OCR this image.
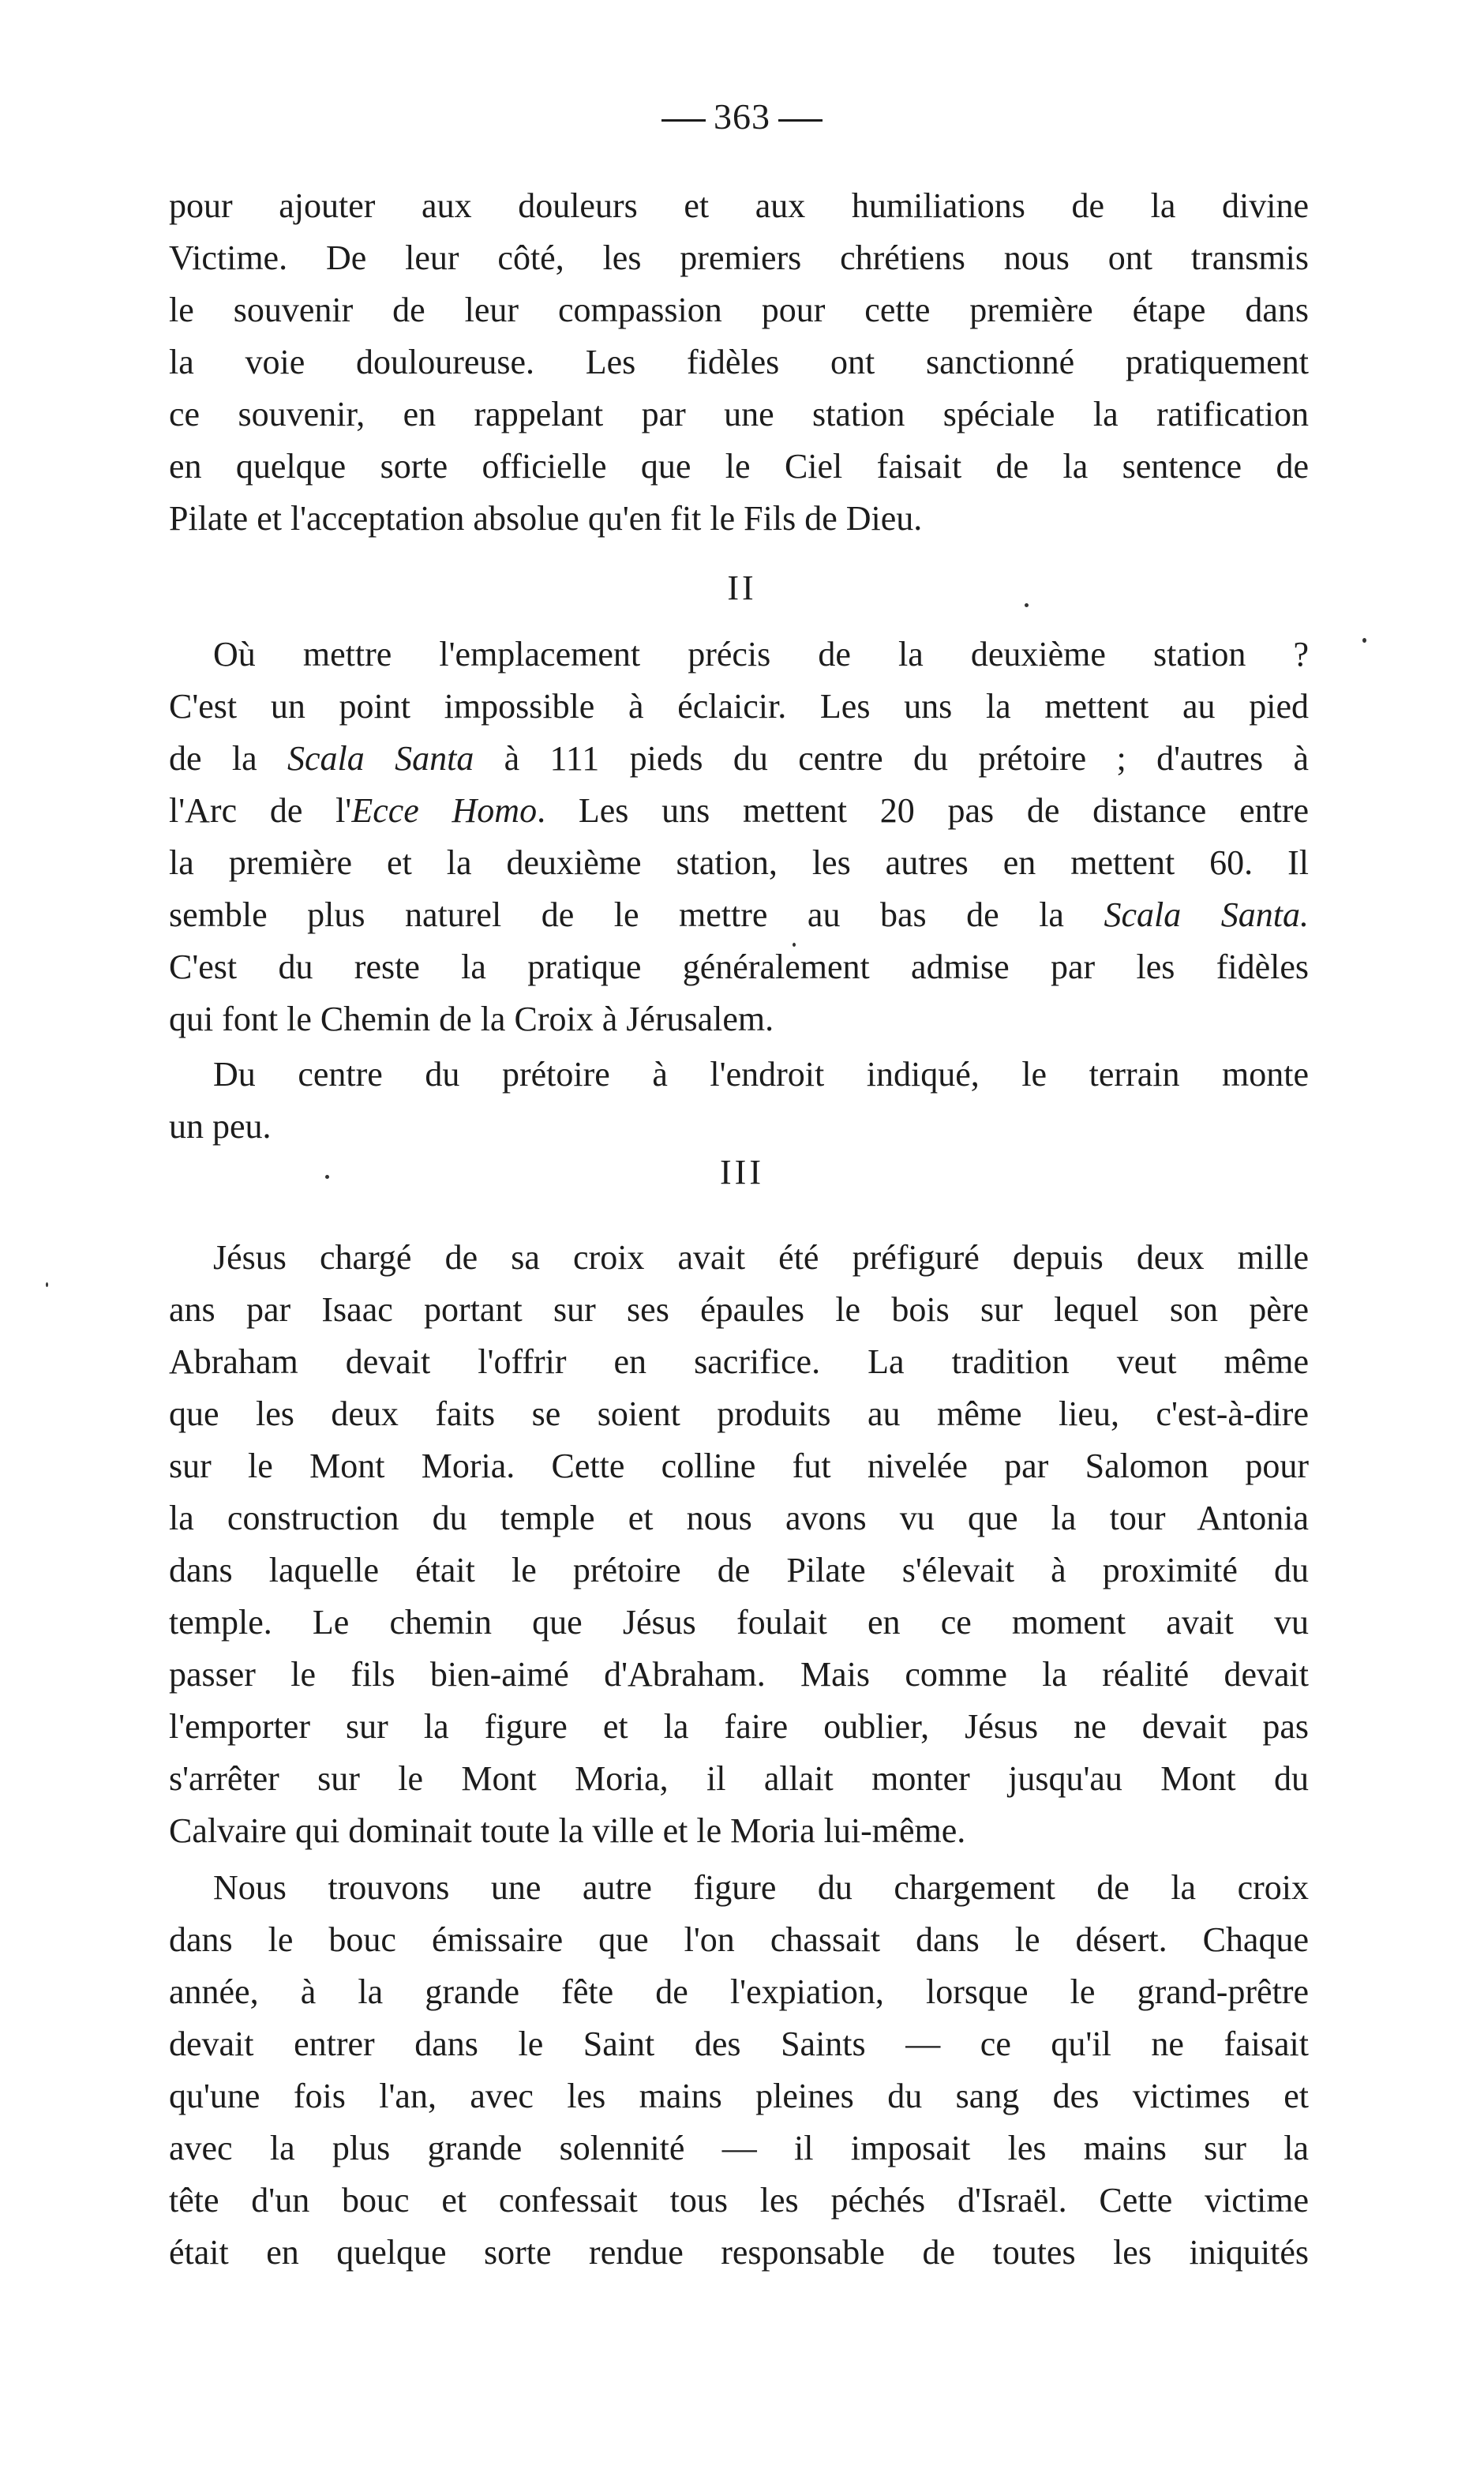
363
pour ajouter aux douleurs et aux humiliations de la divine
Victime. De leur côté, les premiers chrétiens nous ont transmis
le souvenir de leur compassion pour cette première étape dans
la voie douloureuse. Les fidèles ont sanctionné pratiquement
ce souvenir, en rappelant par une station spéciale la ratification
en quelque sorte officielle que le Ciel faisait de la sentence de
Pilate et l'acceptation absolue qu'en fit le Fils de Dieu.
II
Où mettre l'emplacement précis de la deuxième station ?
C'est un point impossible à éclaicir. Les uns la mettent au pied
de la Scala Santa à 111 pieds du centre du prétoire ; d'autres à
l'Arc de l'Ecce Homo. Les uns mettent 20 pas de distance entre
la première et la deuxième station, les autres en mettent 60. Il
semble plus naturel de le mettre au bas de la Scala Santa.
C'est du reste la pratique généralement admise par les fidèles
qui font le Chemin de la Croix à Jérusalem.
Du centre du prétoire à l'endroit indiqué, le terrain monte
un peu.
III
Jésus chargé de sa croix avait été préfiguré depuis deux mille
ans par Isaac portant sur ses épaules le bois sur lequel son père
Abraham devait l'offrir en sacrifice. La tradition veut même
que les deux faits se soient produits au même lieu, c'est-à-dire
sur le Mont Moria. Cette colline fut nivelée par Salomon pour
la construction du temple et nous avons vu que la tour Antonia
dans laquelle était le prétoire de Pilate s'élevait à proximité du
temple. Le chemin que Jésus foulait en ce moment avait vu
passer le fils bien-aimé d'Abraham. Mais comme la réalité devait
l'emporter sur la figure et la faire oublier, Jésus ne devait pas
s'arrêter sur le Mont Moria, il allait monter jusqu'au Mont du
Calvaire qui dominait toute la ville et le Moria lui-même.
Nous trouvons une autre figure du chargement de la croix
dans le bouc émissaire que l'on chassait dans le désert. Chaque
année, à la grande fête de l'expiation, lorsque le grand-prêtre
devait entrer dans le Saint des Saints — ce qu'il ne faisait
qu'une fois l'an, avec les mains pleines du sang des victimes et
avec la plus grande solennité — il imposait les mains sur la
tête d'un bouc et confessait tous les péchés d'Israël. Cette victime
était en quelque sorte rendue responsable de toutes les iniquités
